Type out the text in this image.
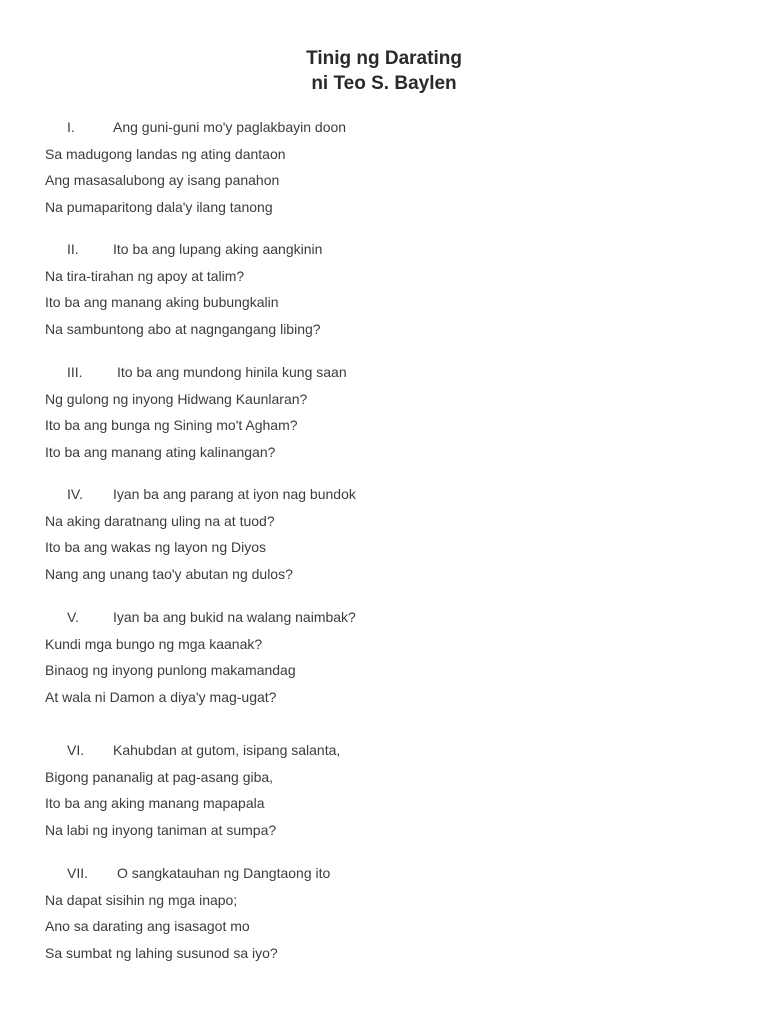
Tinig ng Darating
ni Teo S. Baylen
I.	Ang guni-guni mo'y paglakbayin doon
Sa madugong landas ng ating dantaon
Ang masasalubong ay isang panahon
Na pumaparitong dala'y ilang tanong
II. Ito ba ang lupang aking aangkinin
Na tira-tirahan ng apoy at talim?
Ito ba ang manang aking bubungkalin
Na sambuntong abo at nagngangang libing?
III. Ito ba ang mundong hinila kung saan
Ng gulong ng inyong Hidwang Kaunlaran?
Ito ba ang bunga ng Sining mo't Agham?
Ito ba ang manang ating kalinangan?
IV. Iyan ba ang parang at iyon nag bundok
Na aking daratnang uling na at tuod?
Ito ba ang wakas ng layon ng Diyos
Nang ang unang tao'y abutan ng dulos?
V. Iyan ba ang bukid na walang naimbak?
Kundi mga bungo ng mga kaanak?
Binaog ng inyong punlong makamandag
At wala ni Damon a diya'y mag-ugat?
VI. Kahubdan at gutom, isipang salanta,
Bigong pananalig at pag-asang giba,
Ito ba ang aking manang mapapala
Na labi ng inyong taniman at sumpa?
VII. O sangkatauhan ng Dangtaong ito
Na dapat sisihin ng mga inapo;
Ano sa darating ang isasagot mo
Sa sumbat ng lahing susunod sa iyo?
